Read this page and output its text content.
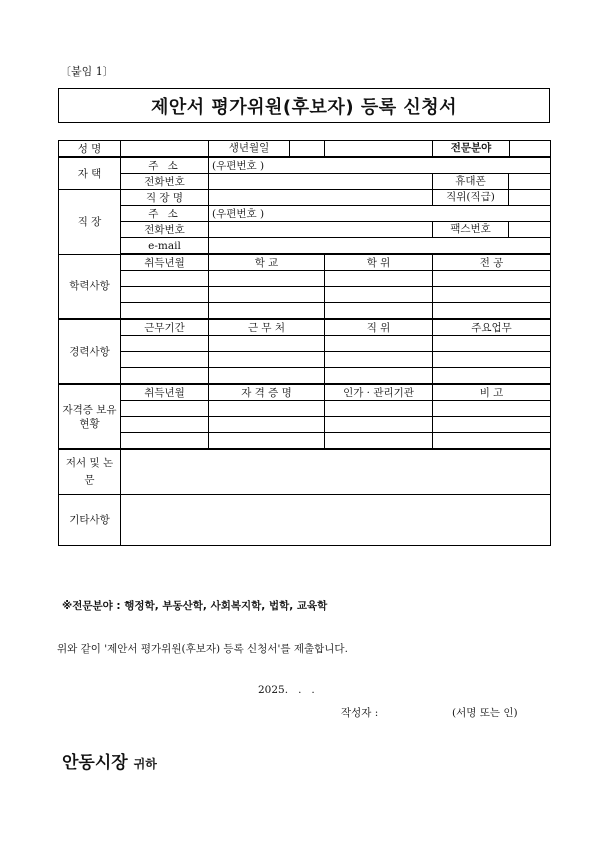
〔붙임 1〕
제안서 평가위원(후보자) 등록 신청서
성 명		생년월일		전문분야

자 택	주 소	(우편번호 )		
	전화번호			휴대폰

직 장	직 장 명			직위(직급)

	주 소	(우편번호 )		
	전화번호			팩스번호

	e-mail			
학력사항	취득년월	학 교	학 위	전 공

경력사항	근무기간	근 무 처	직 위	주요업무

자격증 보유현황	취득년월	자 격 증 명	인가 · 관리기관	비 고

저서 및 논문				
기타사항				
※전문분야 : 행정학, 부동산학, 사회복지학, 법학, 교육학
위와 같이 '제안서 평가위원(후보자) 등록 신청서'를 제출합니다.
2025.   .   .
작성자 :	(서명 또는 인)
안동시장 귀하
